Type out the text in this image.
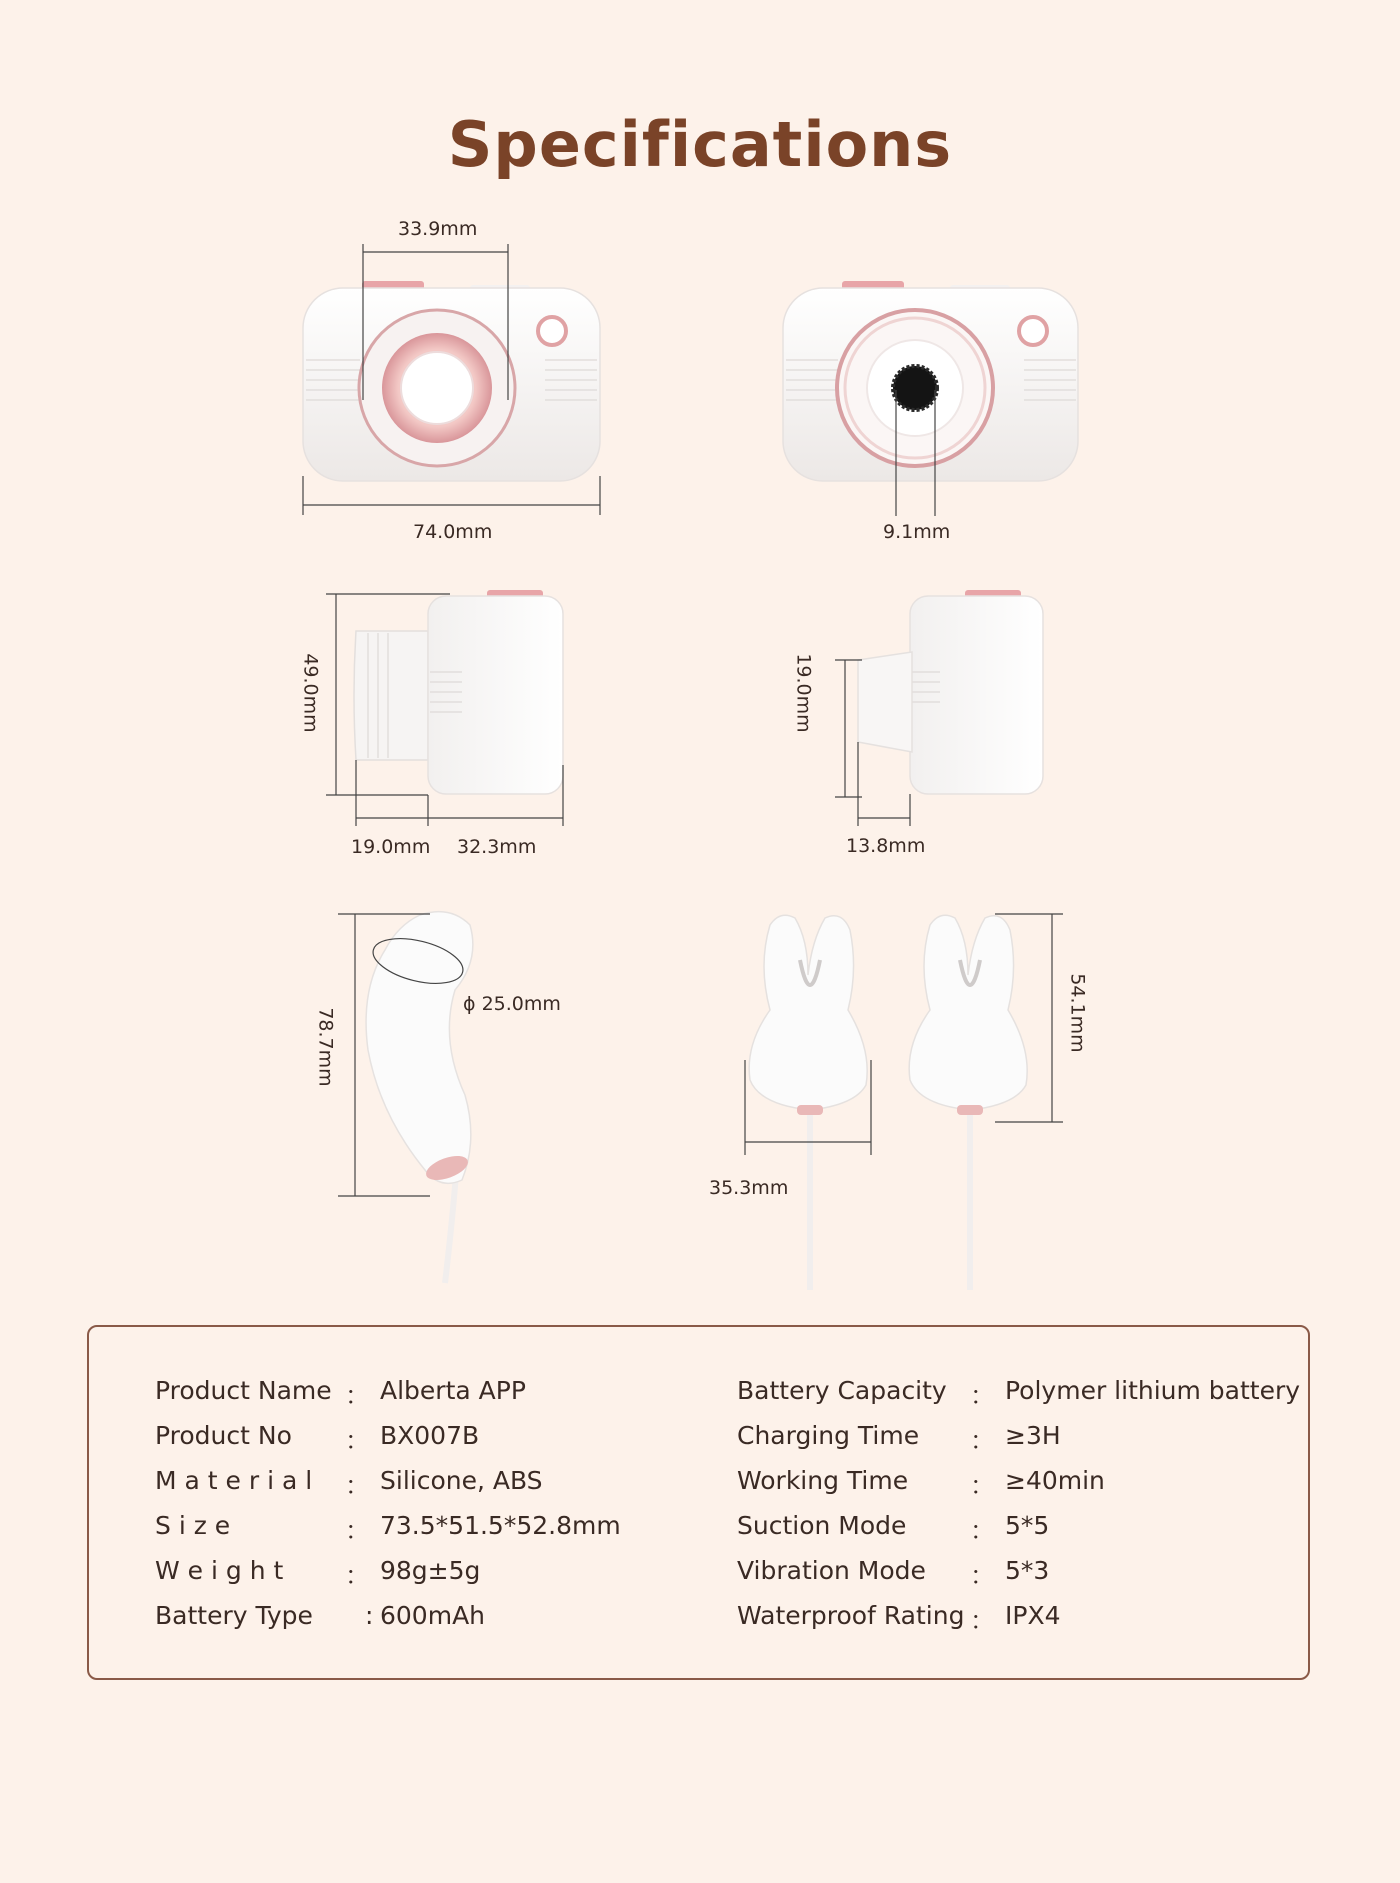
Specifications
33.9mm
74.0mm	9.1mm
49.0mm
19.0mm 32.3mm
19.0mm
13.8mm
78.7mm
ϕ 25.0mm	54.1mm
35.3mm
Product Name ： Alberta APP
Product No ： BX007B
M a t e r i a l ： Silicone, ABS
S i z e	： 73.5*51.5*52.8mm
W e i g h t ： 98g±5g
Battery Type : 600mAh
Battery Capacity ： Polymer lithium battery
Charging Time ： ≥3H
Working Time ： ≥40min
Suction Mode	： 5*5
Vibration Mode ： 5*3
Waterproof Rating ： IPX4
